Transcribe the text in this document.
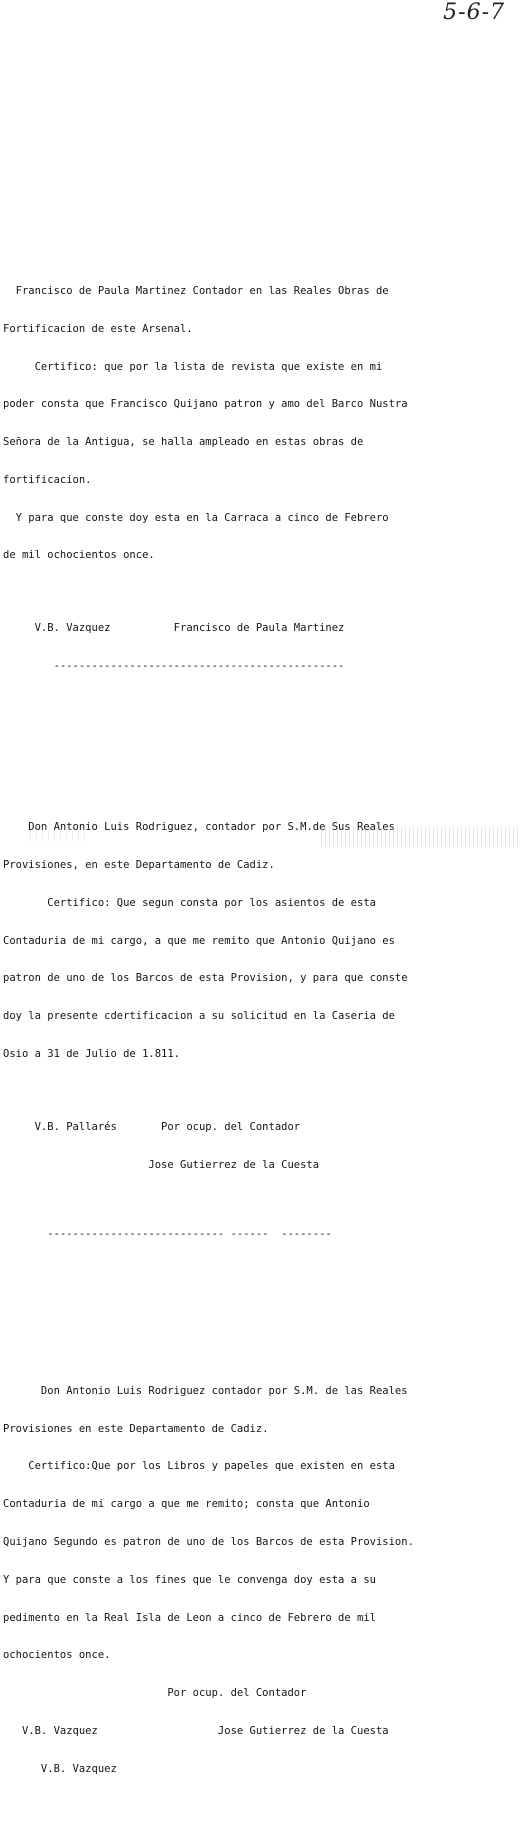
5-6-7

Francisco de Paula Martinez Contador en las Reales Obras de

Fortificacion de este Arsenal.

Certifico: que por la lista de revista que existe en mi

poder consta que Francisco Quijano patron y amo del Barco Nustra

Señora de la Antigua, se halla ampleado en estas obras de

fortificacion.

Y para que conste doy esta en la Carraca a cinco de Febrero

de mil ochocientos once.

V.B. Vazquez          Francisco de Paula Martinez

----------------------------------------------

Don Antonio Luis Rodriguez, contador por S.M.de Sus Reales

Provisiones, en este Departamento de Cadiz.

Certifico: Que segun consta por los asientos de esta

Contaduria de mi cargo, a que me remito que Antonio Quijano es

patron de uno de los Barcos de esta Provision, y para que conste

doy la presente cdertificacion a su solicitud en la Caseria de

Osio a 31 de Julio de 1.811.

V.B. Pallarés       Por ocup. del Contador

Jose Gutierrez de la Cuesta

---------------------------- ------  --------

Don Antonio Luis Rodriguez contador por S.M. de las Reales

Provisiones en este Departamento de Cadiz.

Certifico:Que por los Libros y papeles que existen en esta

Contaduria de mi cargo a que me remito; consta que Antonio

Quijano Segundo es patron de uno de los Barcos de esta Provision.

Y para que conste a los fines que le convenga doy esta a su

pedimento en la Real Isla de Leon a cinco de Febrero de mil

ochocientos once.

Por ocup. del Contador

V.B. Vazquez                   Jose Gutierrez de la Cuesta

V.B. Vazquez
